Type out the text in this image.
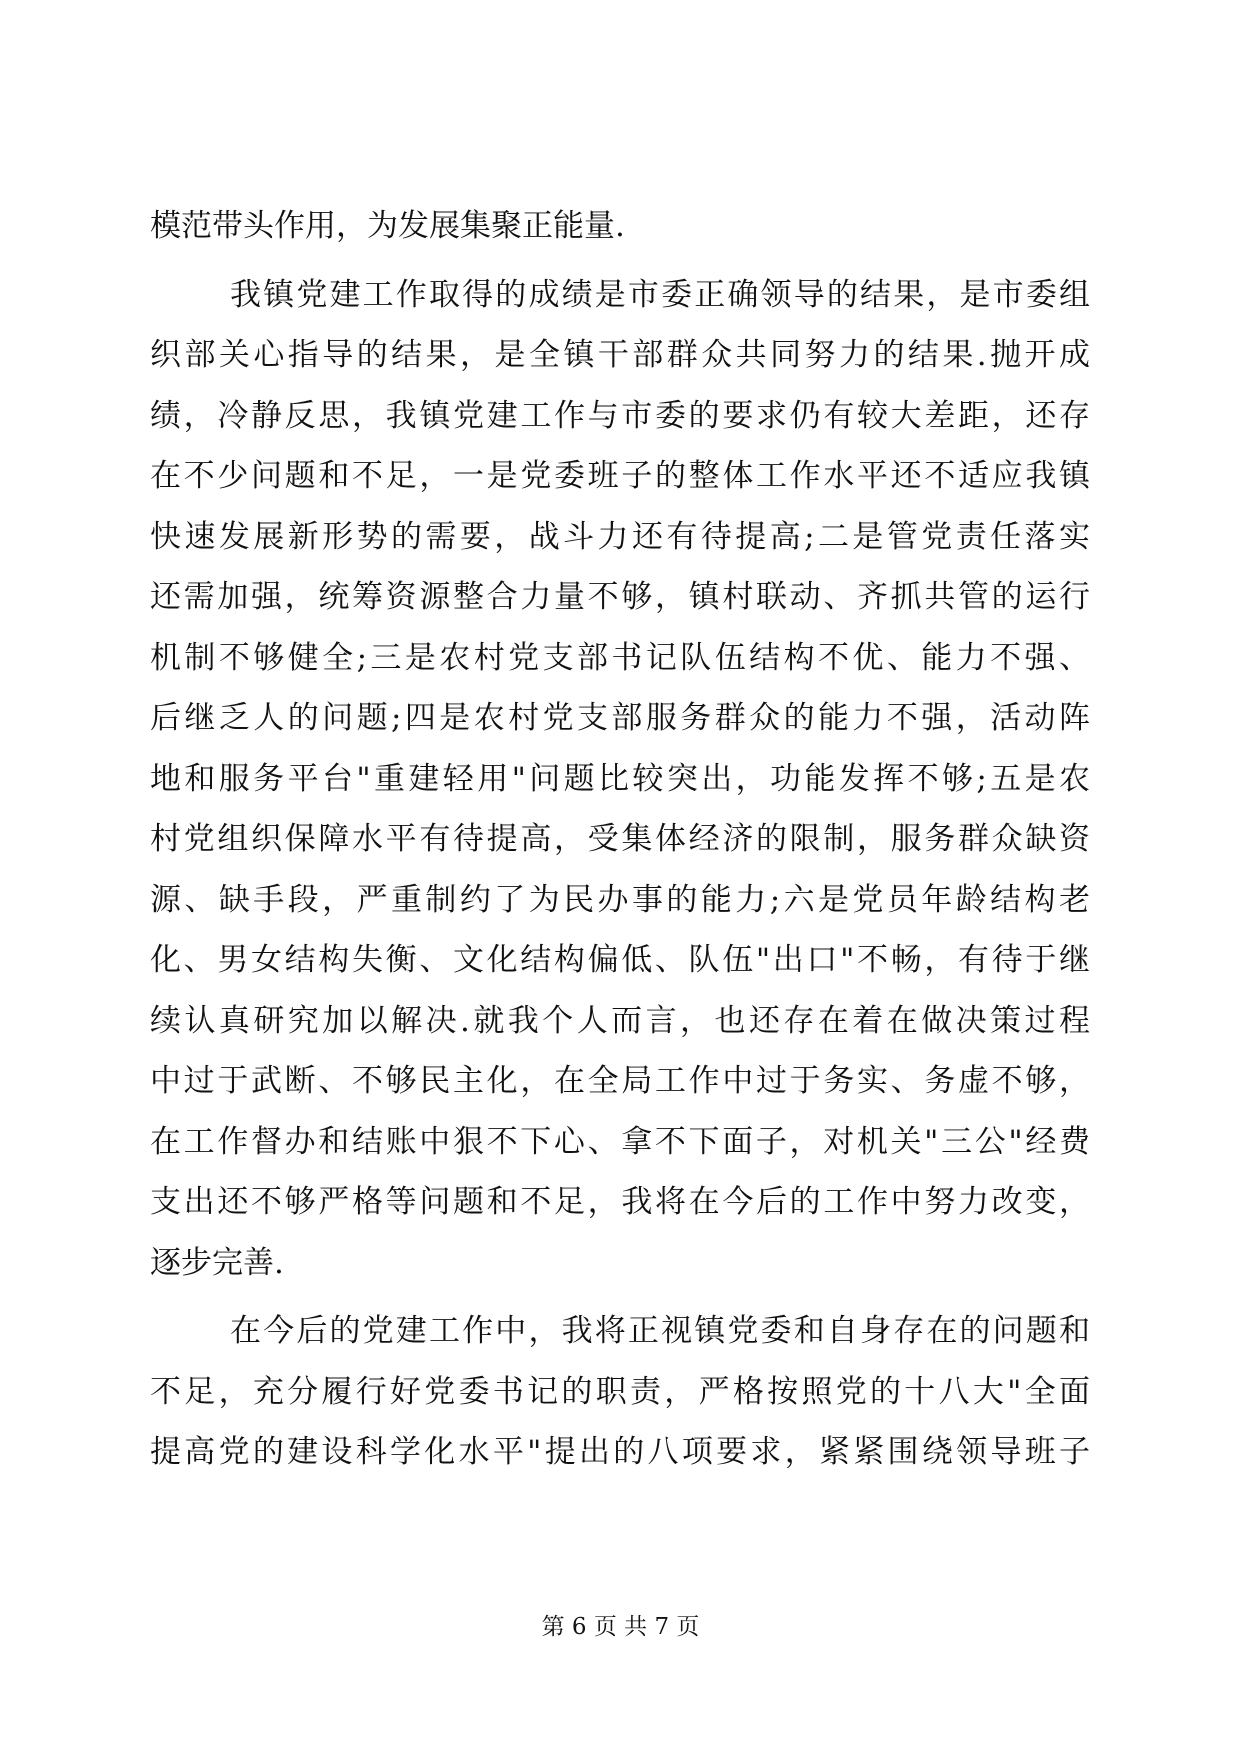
模范带头作用，为发展集聚正能量.
我镇党建工作取得的成绩是市委正确领导的结果，是市委组
织部关心指导的结果，是全镇干部群众共同努力的结果.抛开成
绩，冷静反思，我镇党建工作与市委的要求仍有较大差距，还存
在不少问题和不足，一是党委班子的整体工作水平还不适应我镇
快速发展新形势的需要，战斗力还有待提高;二是管党责任落实
还需加强，统筹资源整合力量不够，镇村联动、齐抓共管的运行
机制不够健全;三是农村党支部书记队伍结构不优、能力不强、
后继乏人的问题;四是农村党支部服务群众的能力不强，活动阵
地和服务平台"重建轻用"问题比较突出，功能发挥不够;五是农
村党组织保障水平有待提高，受集体经济的限制，服务群众缺资
源、缺手段，严重制约了为民办事的能力;六是党员年龄结构老
化、男女结构失衡、文化结构偏低、队伍"出口"不畅，有待于继
续认真研究加以解决.就我个人而言，也还存在着在做决策过程
中过于武断、不够民主化，在全局工作中过于务实、务虚不够，
在工作督办和结账中狠不下心、拿不下面子，对机关"三公"经费
支出还不够严格等问题和不足，我将在今后的工作中努力改变，
逐步完善.
在今后的党建工作中，我将正视镇党委和自身存在的问题和
不足，充分履行好党委书记的职责，严格按照党的十八大"全面
提高党的建设科学化水平"提出的八项要求，紧紧围绕领导班子
第 6 页 共 7 页
